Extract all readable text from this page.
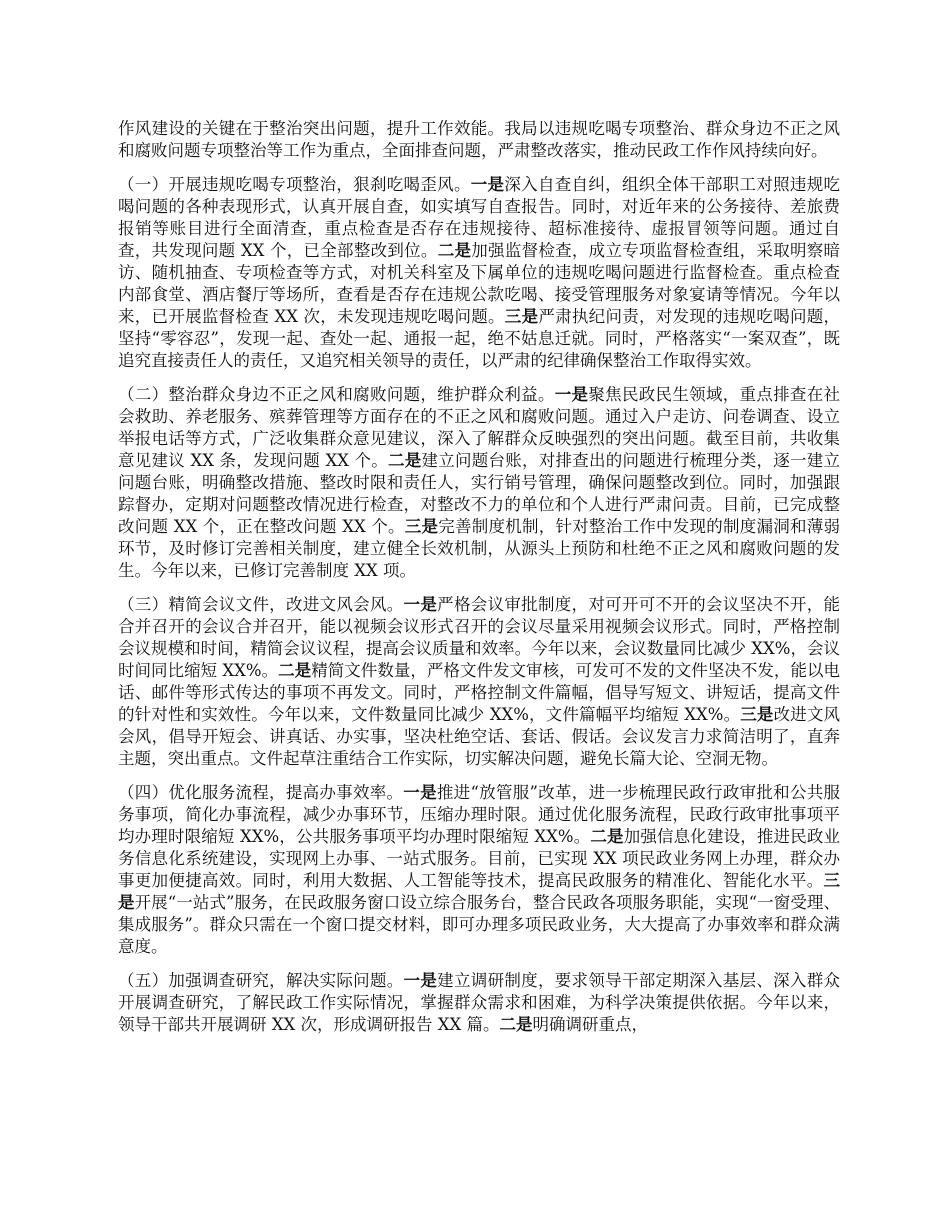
作风建设的关键在于整治突出问题，提升工作效能。我局以违规吃喝专项整治、群众身边不正之风和腐败问题专项整治等工作为重点，全面排查问题，严肃整改落实，推动民政工作作风持续向好。

（一）开展违规吃喝专项整治，狠刹吃喝歪风。一是深入自查自纠，组织全体干部职工对照违规吃喝问题的各种表现形式，认真开展自查，如实填写自查报告。同时，对近年来的公务接待、差旅费报销等账目进行全面清查，重点检查是否存在违规接待、超标准接待、虚报冒领等问题。通过自查，共发现问题 XX 个，已全部整改到位。二是加强监督检查，成立专项监督检查组，采取明察暗访、随机抽查、专项检查等方式，对机关科室及下属单位的违规吃喝问题进行监督检查。重点检查内部食堂、酒店餐厅等场所，查看是否存在违规公款吃喝、接受管理服务对象宴请等情况。今年以来，已开展监督检查 XX 次，未发现违规吃喝问题。三是严肃执纪问责，对发现的违规吃喝问题，坚持“零容忍”，发现一起、查处一起、通报一起，绝不姑息迁就。同时，严格落实“一案双查”，既追究直接责任人的责任，又追究相关领导的责任，以严肃的纪律确保整治工作取得实效。

（二）整治群众身边不正之风和腐败问题，维护群众利益。一是聚焦民政民生领域，重点排查在社会救助、养老服务、殡葬管理等方面存在的不正之风和腐败问题。通过入户走访、问卷调查、设立举报电话等方式，广泛收集群众意见建议，深入了解群众反映强烈的突出问题。截至目前，共收集意见建议 XX 条，发现问题 XX 个。二是建立问题台账，对排查出的问题进行梳理分类，逐一建立问题台账，明确整改措施、整改时限和责任人，实行销号管理，确保问题整改到位。同时，加强跟踪督办，定期对问题整改情况进行检查，对整改不力的单位和个人进行严肃问责。目前，已完成整改问题 XX 个，正在整改问题 XX 个。三是完善制度机制，针对整治工作中发现的制度漏洞和薄弱环节，及时修订完善相关制度，建立健全长效机制，从源头上预防和杜绝不正之风和腐败问题的发生。今年以来，已修订完善制度 XX 项。

（三）精简会议文件，改进文风会风。一是严格会议审批制度，对可开可不开的会议坚决不开，能合并召开的会议合并召开，能以视频会议形式召开的会议尽量采用视频会议形式。同时，严格控制会议规模和时间，精简会议议程，提高会议质量和效率。今年以来，会议数量同比减少 XX%，会议时间同比缩短 XX%。二是精简文件数量，严格文件发文审核，可发可不发的文件坚决不发，能以电话、邮件等形式传达的事项不再发文。同时，严格控制文件篇幅，倡导写短文、讲短话，提高文件的针对性和实效性。今年以来，文件数量同比减少 XX%，文件篇幅平均缩短 XX%。三是改进文风会风，倡导开短会、讲真话、办实事，坚决杜绝空话、套话、假话。会议发言力求简洁明了，直奔主题，突出重点。文件起草注重结合工作实际，切实解决问题，避免长篇大论、空洞无物。

（四）优化服务流程，提高办事效率。一是推进“放管服”改革，进一步梳理民政行政审批和公共服务事项，简化办事流程，减少办事环节，压缩办理时限。通过优化服务流程，民政行政审批事项平均办理时限缩短 XX%，公共服务事项平均办理时限缩短 XX%。二是加强信息化建设，推进民政业务信息化系统建设，实现网上办事、一站式服务。目前，已实现 XX 项民政业务网上办理，群众办事更加便捷高效。同时，利用大数据、人工智能等技术，提高民政服务的精准化、智能化水平。三是开展“一站式”服务，在民政服务窗口设立综合服务台，整合民政各项服务职能，实现“一窗受理、集成服务”。群众只需在一个窗口提交材料，即可办理多项民政业务，大大提高了办事效率和群众满意度。

（五）加强调查研究，解决实际问题。一是建立调研制度，要求领导干部定期深入基层、深入群众开展调查研究，了解民政工作实际情况，掌握群众需求和困难，为科学决策提供依据。今年以来，领导干部共开展调研 XX 次，形成调研报告 XX 篇。二是明确调研重点，
